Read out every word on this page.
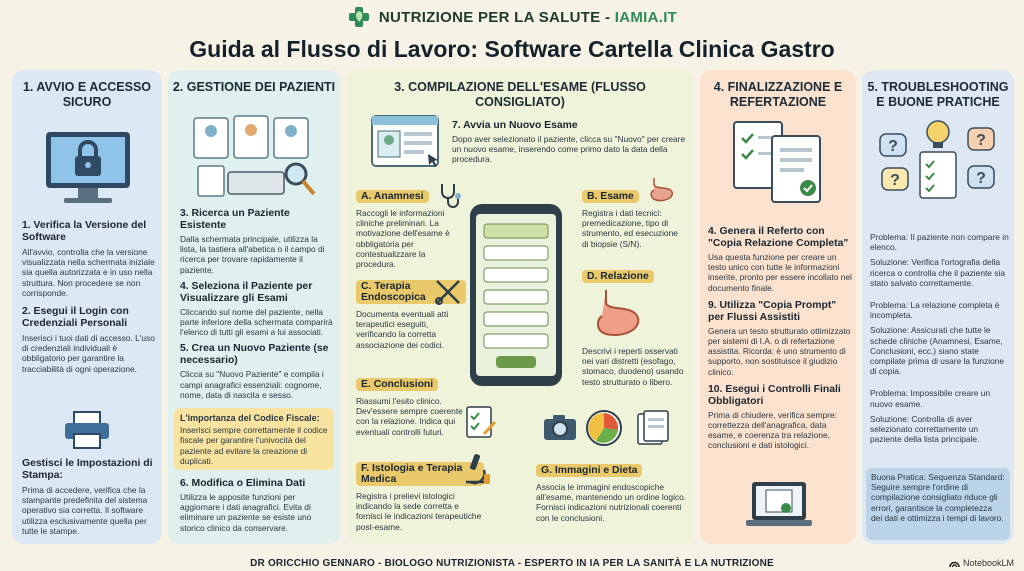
NUTRIZIONE PER LA SALUTE - IAMIA.IT
Guida al Flusso di Lavoro: Software Cartella Clinica Gastro
1. AVVIO E ACCESSO SICURO
1. Verifica la Versione del Software
All'avvio, controlla che la versione visualizzata nella schermata iniziale sia quella autorizzata e in uso nella struttura. Non procedere se non corrisponde.
2. Esegui il Login con Credenziali Personali
Inserisci i tuoi dati di accesso. L'uso di credenziali individuali è obbligatorio per garantire la tracciabilità di ogni operazione.
Gestisci le Impostazioni di Stampa:
Prima di accedere, verifica che la stampante predefinita del sistema operativo sia corretta. Il software utilizza esclusivamente quella per tutte le stampe.
2. GESTIONE DEI PAZIENTI
3. Ricerca un Paziente Esistente
Dalla schermata principale, utilizza la lista, la tastiera all'abetica o il campo di ricerca per trovare rapidamente il paziente.
4. Seleziona il Paziente per Visualizzare gli Esami
Cliccando sul nome del paziente, nella parte inferiore della schermata comparirà l'elenco di tutti gli esami a lui associati.
5. Crea un Nuovo Paziente (se necessario)
Clicca su "Nuovo Paziente" e compila i campi anagrafici essenziali: cognome, nome, data di nascita e sesso.
L'importanza del Codice Fiscale:
Inserisci sempre correttamente il codice fiscale per garantire l'univocità del paziente ad evitare la creazione di duplicati.
6. Modifica o Elimina Dati
Utilizza le apposite funzioni per aggiornare i dati anagrafici. Evita di eliminare un paziente se esiste uno storico clinico da conservare.
3. COMPILAZIONE DELL'ESAME (FLUSSO CONSIGLIATO)
7. Avvia un Nuovo Esame
Dopo aver selezionato il paziente, clicca su "Nuovo" per creare un nuovo esame, inserendo come primo dato la data della procedura.
A. Anamnesi
Raccogli le informazioni cliniche preliminari. La motivazione dell'esame è obbligatoria per contestualizzare la procedura.
C. Terapia Endoscopica
Documenta eventuali atti terapeutici eseguiti, verificando la corretta associazione dei codici.
E. Conclusioni
Riassumi l'esito clinico. Dev'essere sempre coerente con la relazione. Indica qui eventuali controlli futuri.
F. Istologia e Terapia Medica
Registra i prelievi istologici indicando la sede corretta e fornisci le indicazioni terapeutiche post-esame.
B. Esame
Registra i dati tecnici: premedicazione, tipo di strumento, ed esecuzione di biopsie (S/N).
D. Relazione
Descrivi i reperti osservati nei vari distretti (esofago, stomaco, duodeno) usando testo strutturato o libero.
G. Immagini e Dieta
Associa le immagini endoscopiche all'esame, mantenendo un ordine logico. Fornisci indicazioni nutrizionali coerenti con le conclusioni.
4. FINALIZZAZIONE E REFERTAZIONE
4. Genera il Referto con "Copia Relazione Completa"
Usa questa funzione per creare un testo unico con tutte le informazioni inserite, pronto per essere incollato nel documento finale.
9. Utilizza "Copia Prompt" per Flussi Assistiti
Genera un testo strutturato ottimizzato per sistemi di I.A. o di refertazione assistita. Ricorda: è uno strumento di supporto, non sostituisce il giudizio clinico.
10. Esegui i Controlli Finali Obbligatori
Prima di chiudere, verifica sempre: correttezza dell'anagrafica, data esame, e coerenza tra relazione, conclusioni e dati istologici.
5. TROUBLESHOOTING E BUONE PRATICHE
?	?
?	?
Problema: Il paziente non compare in elenco.
Soluzione: Verifica l'ortografia della ricerca o controlla che il paziente sia stato salvato correttamente.
Problema: La relazione completa è incompleta.
Soluzione: Assicurati che tutte le schede cliniche (Anamnesi, Esame, Conclusioni, ecc.) siano state compilate prima di usare la funzione di copia.
Problema: Impossibile creare un nuovo esame.
Soluzione: Controlla di aver selezionato correttamente un paziente della lista principale.
Buona Pratica: Sequenza Standard: Seguire sempre l'ordine di compilazione consigliato riduce gli errori, garantisce la completezza dei dati e ottimizza i tempi di lavoro.
DR ORICCHIO GENNARO - BIOLOGO NUTRIZIONISTA - ESPERTO IN IA PER LA SANITÀ E LA NUTRIZIONE	NotebookLM
